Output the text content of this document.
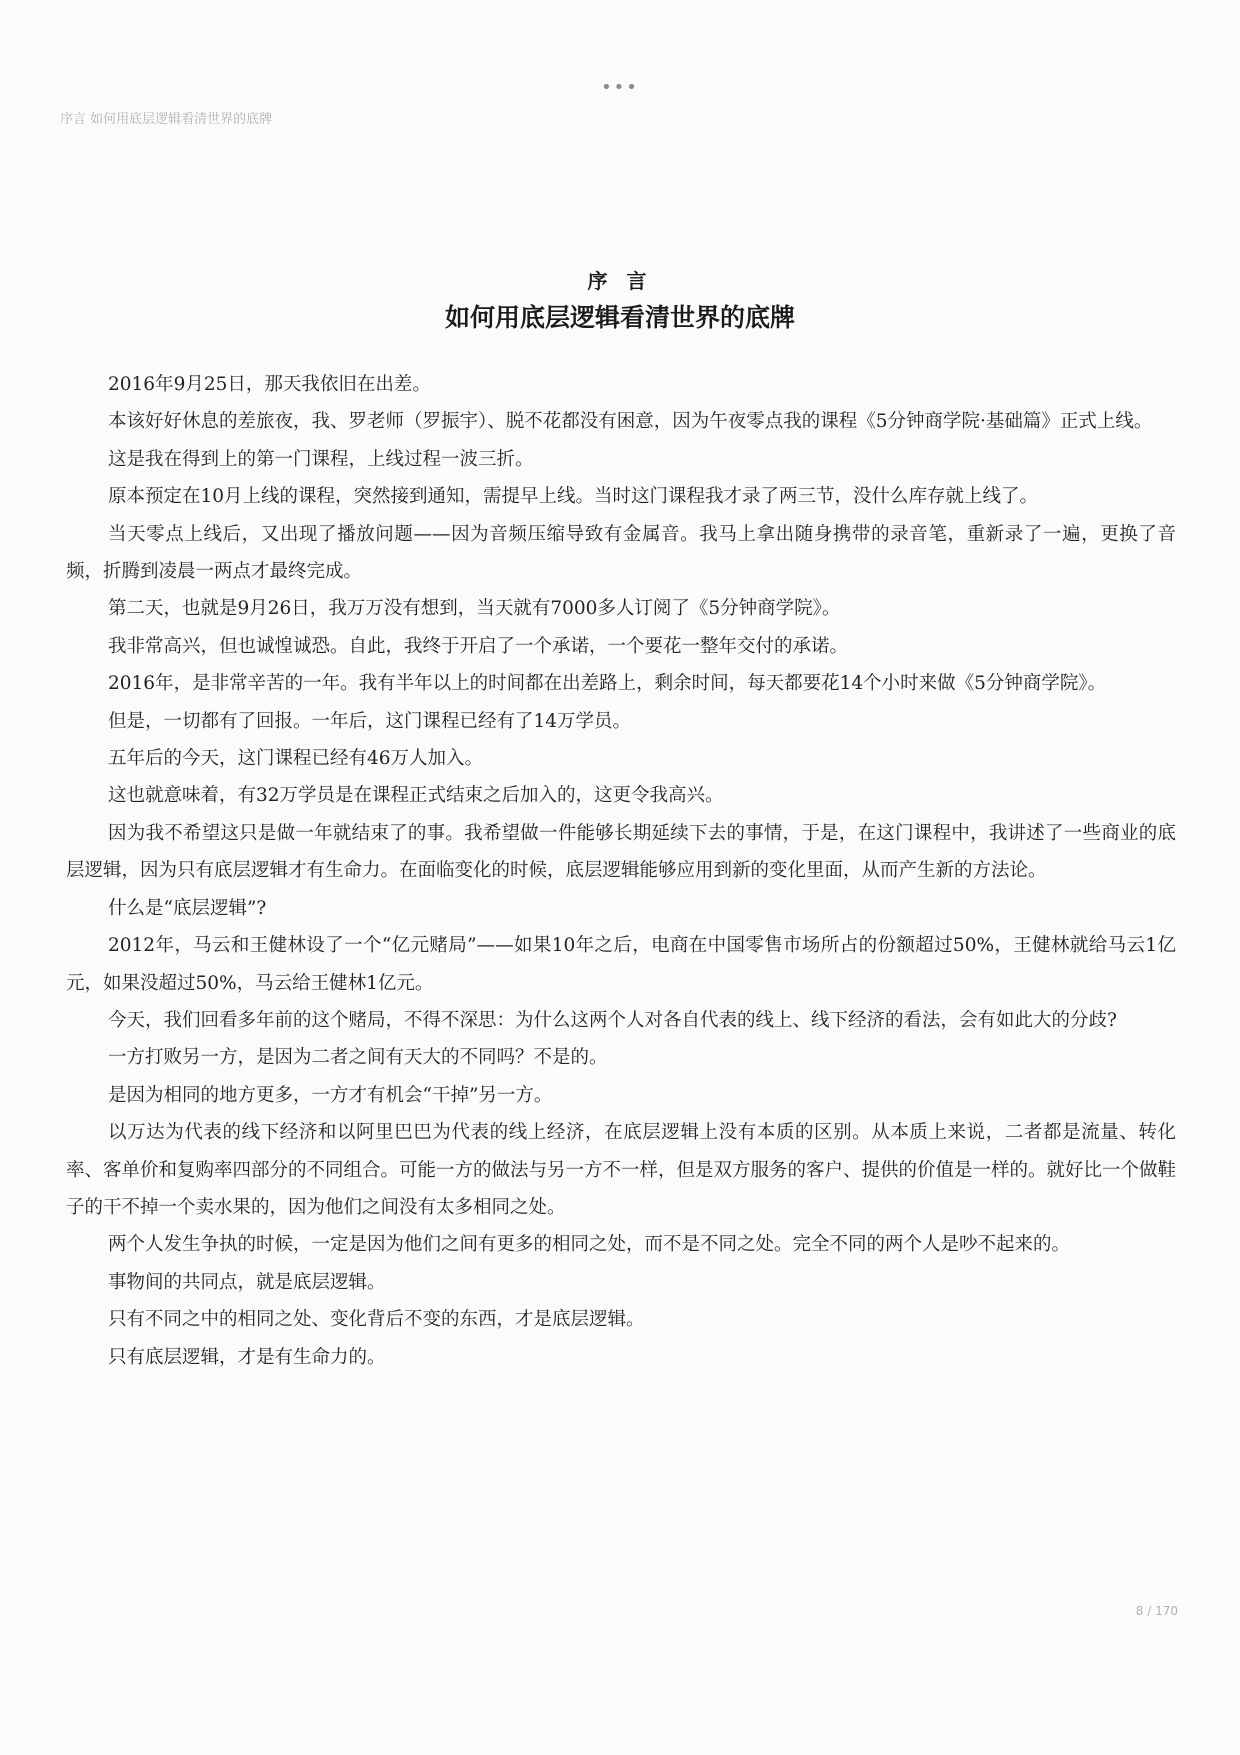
•••
序言 如何用底层逻辑看清世界的底牌
序 言
如何用底层逻辑看清世界的底牌

2016年9月25日，那天我依旧在出差。

本该好好休息的差旅夜，我、罗老师（罗振宇）、脱不花都没有困意，因为午夜零点我的课程《5分钟商学院·基础篇》正式上线。

这是我在得到上的第一门课程，上线过程一波三折。

原本预定在10月上线的课程，突然接到通知，需提早上线。当时这门课程我才录了两三节，没什么库存就上线了。

当天零点上线后，又出现了播放问题——因为音频压缩导致有金属音。我马上拿出随身携带的录音笔，重新录了一遍，更换了音频，折腾到凌晨一两点才最终完成。

第二天，也就是9月26日，我万万没有想到，当天就有7000多人订阅了《5分钟商学院》。

我非常高兴，但也诚惶诚恐。自此，我终于开启了一个承诺，一个要花一整年交付的承诺。

2016年，是非常辛苦的一年。我有半年以上的时间都在出差路上，剩余时间，每天都要花14个小时来做《5分钟商学院》。

但是，一切都有了回报。一年后，这门课程已经有了14万学员。

五年后的今天，这门课程已经有46万人加入。

这也就意味着，有32万学员是在课程正式结束之后加入的，这更令我高兴。

因为我不希望这只是做一年就结束了的事。我希望做一件能够长期延续下去的事情，于是，在这门课程中，我讲述了一些商业的底层逻辑，因为只有底层逻辑才有生命力。在面临变化的时候，底层逻辑能够应用到新的变化里面，从而产生新的方法论。

什么是“底层逻辑”?

2012年，马云和王健林设了一个“亿元赌局”——如果10年之后，电商在中国零售市场所占的份额超过50%，王健林就给马云1亿元，如果没超过50%，马云给王健林1亿元。

今天，我们回看多年前的这个赌局，不得不深思：为什么这两个人对各自代表的线上、线下经济的看法，会有如此大的分歧?

一方打败另一方，是因为二者之间有天大的不同吗？不是的。

是因为相同的地方更多，一方才有机会“干掉”另一方。

以万达为代表的线下经济和以阿里巴巴为代表的线上经济，在底层逻辑上没有本质的区别。从本质上来说，二者都是流量、转化率、客单价和复购率四部分的不同组合。可能一方的做法与另一方不一样，但是双方服务的客户、提供的价值是一样的。就好比一个做鞋子的干不掉一个卖水果的，因为他们之间没有太多相同之处。

两个人发生争执的时候，一定是因为他们之间有更多的相同之处，而不是不同之处。完全不同的两个人是吵不起来的。

事物间的共同点，就是底层逻辑。

只有不同之中的相同之处、变化背后不变的东西，才是底层逻辑。

只有底层逻辑，才是有生命力的。

8 / 170
